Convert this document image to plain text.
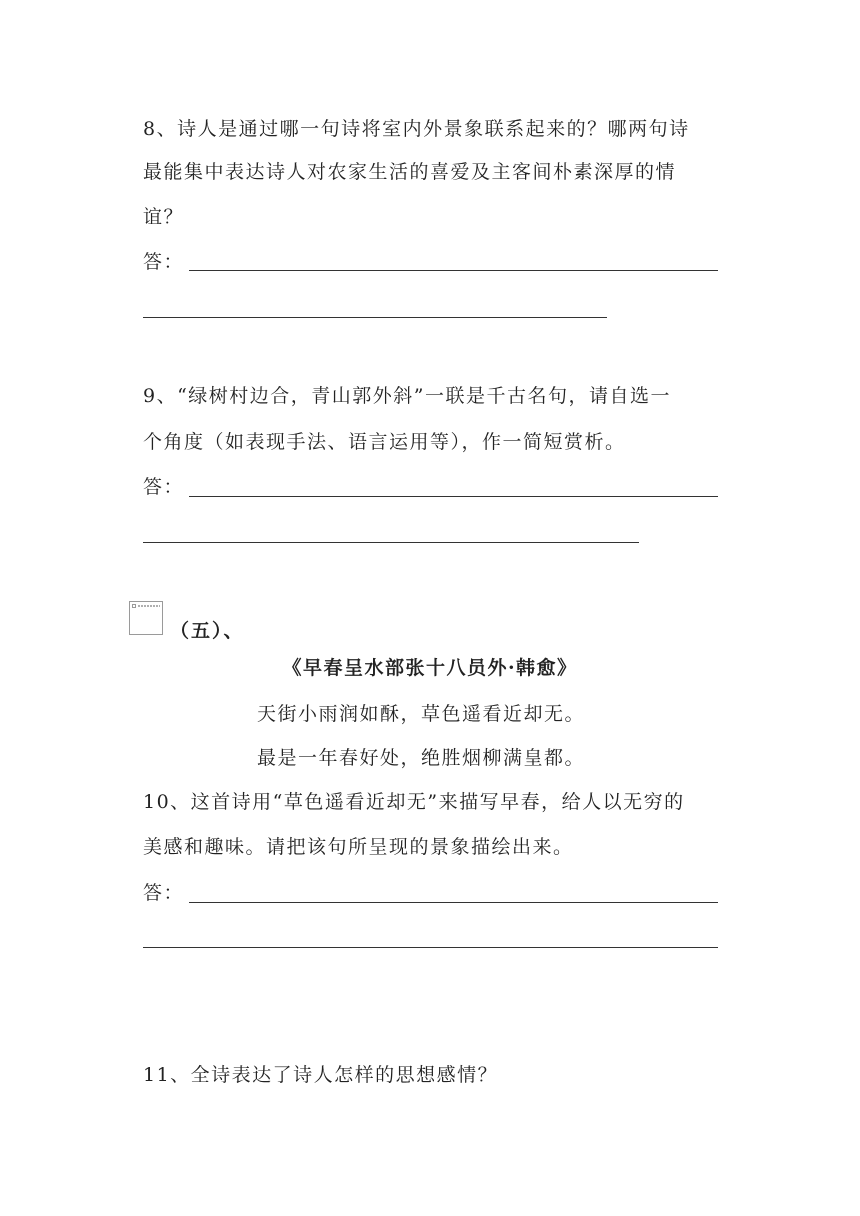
8、诗人是通过哪一句诗将室内外景象联系起来的？哪两句诗
最能集中表达诗人对农家生活的喜爱及主客间朴素深厚的情
谊？
答：
9、“绿树村边合，青山郭外斜”一联是千古名句，请自选一
个角度（如表现手法、语言运用等），作一简短赏析。
答：
（五）、
《早春呈水部张十八员外·韩愈》
天街小雨润如酥，草色遥看近却无。
最是一年春好处，绝胜烟柳满皇都。
10、这首诗用“草色遥看近却无”来描写早春，给人以无穷的
美感和趣味。请把该句所呈现的景象描绘出来。
答：
11、全诗表达了诗人怎样的思想感情？
